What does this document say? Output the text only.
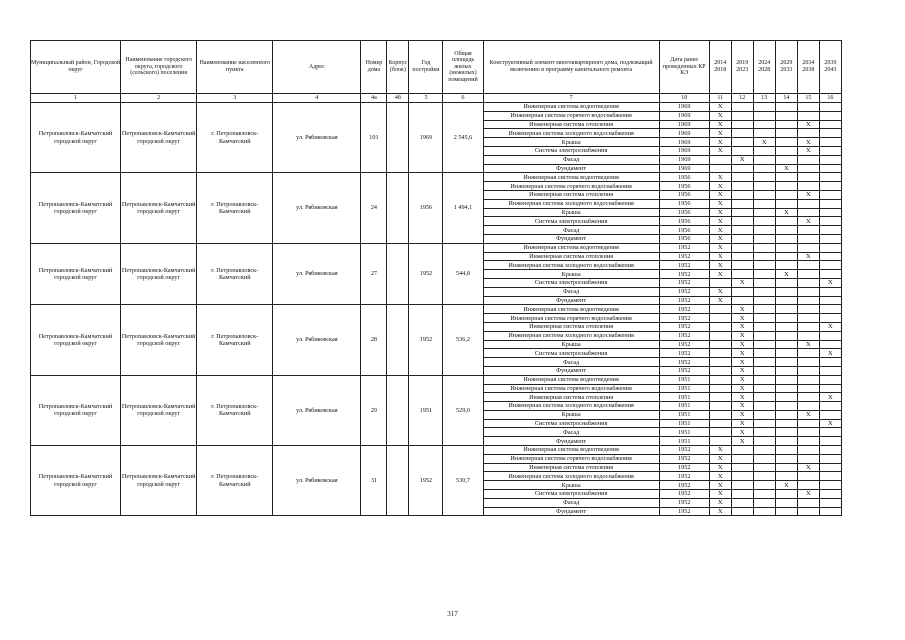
Муниципальный район, Городской округ	Наименование городского округа, городского (сельского) поселения	Наименование населенного пункта	Адрес	Номер дома	Корпус (блок)	Год постройки	Общая площадь жилых (нежилых) помещений	Конструктивный элемент многоквартирного дома, подлежащий включению в программу капитального ремонта	Дата ранее проведенных КР КЭ	2014 2018	2019 2023	2024 2028	2029 2033	2034 2038	2039 2043
1	2	3	4	4а	4б	5	6	7	10	11	12	13	14	15	16
Петропавловск-Камчатский городской округ	Петропавловск-Камчатский городской округ	г. Петропавловск-Камчатский	ул. Рябиковская	101		1969	2 545,6	Инженерная система водоотведения	1969	X					
								Инженерная система горячего водоснабжения	1969	X					
								Инженерная система отопления	1969	X				X	
								Инженерная система холодного водоснабжения	1969	X					
								Крыша	1969	X		X		X	
								Система электроснабжения	1969	X				X	
								Фасад	1969		X				
								Фундамент	1969				X		
Петропавловск-Камчатский городской округ	Петропавловск-Камчатский городской округ	г. Петропавловск-Камчатский	ул. Рябиковская	24		1956	1 494,1	Инженерная система водоотведения	1956	X					
								Инженерная система горячего водоснабжения	1956	X					
								Инженерная система отопления	1956	X				X	
								Инженерная система холодного водоснабжения	1956	X					
								Крыша	1956	X			X		
								Система электроснабжения	1956	X				X	
								Фасад	1956	X					
								Фундамент	1956	X					
Петропавловск-Камчатский городской округ	Петропавловск-Камчатский городской округ	г. Петропавловск-Камчатский	ул. Рябиковская	27		1952	544,8	Инженерная система водоотведения	1952	X					
								Инженерная система отопления	1952	X				X	
								Инженерная система холодного водоснабжения	1952	X					
								Крыша	1952	X			X		
								Система электроснабжения	1952		X				X
								Фасад	1952	X					
								Фундамент	1952	X					
Петропавловск-Камчатский городской округ	Петропавловск-Камчатский городской округ	г. Петропавловск-Камчатский	ул. Рябиковская	28		1952	536,2	Инженерная система водоотведения	1952		X				
								Инженерная система горячего водоснабжения	1952		X				
								Инженерная система отопления	1952		X				X
								Инженерная система холодного водоснабжения	1952		X				
								Крыша	1952		X			X	
								Система электроснабжения	1952		X				X
								Фасад	1952		X				
								Фундамент	1952		X				
Петропавловск-Камчатский городской округ	Петропавловск-Камчатский городской округ	г. Петропавловск-Камчатский	ул. Рябиковская	29		1951	529,0	Инженерная система водоотведения	1951		X				
								Инженерная система горячего водоснабжения	1951		X				
								Инженерная система отопления	1951		X				X
								Инженерная система холодного водоснабжения	1951		X				
								Крыша	1951		X			X	
								Система электроснабжения	1951		X				X
								Фасад	1951		X				
								Фундамент	1951		X				
Петропавловск-Камчатский городской округ	Петропавловск-Камчатский городской округ	г. Петропавловск-Камчатский	ул. Рябиковская	31		1952	530,7	Инженерная система водоотведения	1952	X					
								Инженерная система горячего водоснабжения	1952	X					
								Инженерная система отопления	1952	X				X	
								Инженерная система холодного водоснабжения	1952	X					
								Крыша	1952	X			X		
								Система электроснабжения	1952	X				X	
								Фасад	1952	X					
								Фундамент	1952	X					
317
